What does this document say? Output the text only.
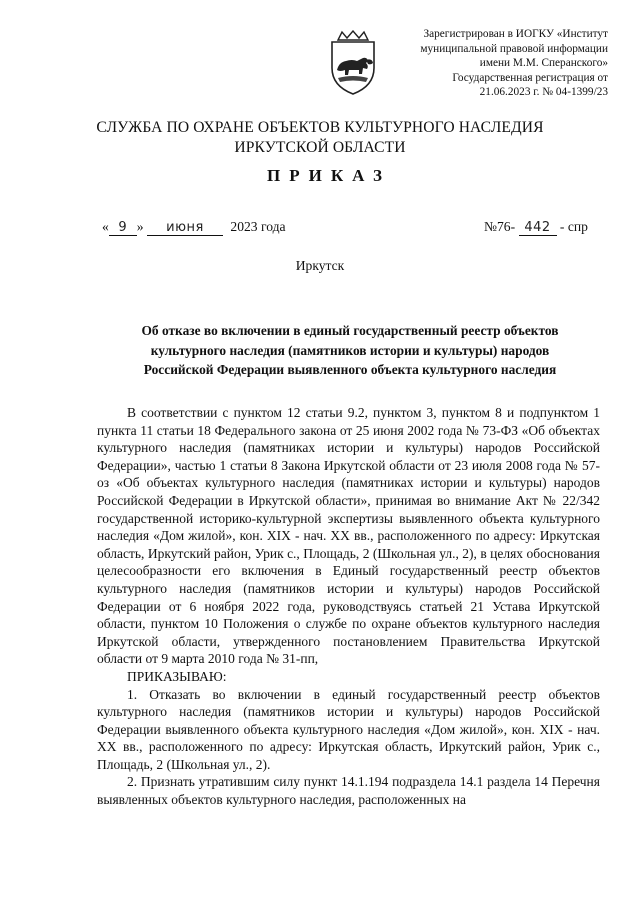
Зарегистрирован в ИОГКУ «Институт
муниципальной правовой информации
имени М.М. Сперанского»
Государственная регистрация от
21.06.2023 г. № 04-1399/23
СЛУЖБА ПО ОХРАНЕ ОБЪЕКТОВ КУЛЬТУРНОГО НАСЛЕДИЯ
ИРКУТСКОЙ ОБЛАСТИ
ПРИКАЗ
« 9 » июня 2023 года	№76- 442 - спр
Иркутск
Об отказе во включении в единый государственный реестр объектов
культурного наследия (памятников истории и культуры) народов
Российской Федерации выявленного объекта культурного наследия

В соответствии с пунктом 12 статьи 9.2, пунктом 3, пунктом 8 и подпунктом 1 пункта 11 статьи 18 Федерального закона от 25 июня 2002 года № 73-ФЗ «Об объектах культурного наследия (памятниках истории и культуры) народов Российской Федерации», частью 1 статьи 8 Закона Иркутской области от 23 июля 2008 года № 57-оз «Об объектах культурного наследия (памятниках истории и культуры) народов Российской Федерации в Иркутской области», принимая во внимание Акт № 22/342 государственной историко-культурной экспертизы выявленного объекта культурного наследия «Дом жилой», кон. XIX - нач. XX вв., расположенного по адресу: Иркутская область, Иркутский район, Урик с., Площадь, 2 (Школьная ул., 2), в целях обоснования целесообразности его включения в Единый государственный реестр объектов культурного наследия (памятников истории и культуры) народов Российской Федерации от 6 ноября 2022 года, руководствуясь статьей 21 Устава Иркутской области, пунктом 10 Положения о службе по охране объектов культурного наследия Иркутской области, утвержденного постановлением Правительства Иркутской области от 9 марта 2010 года № 31-пп,

ПРИКАЗЫВАЮ:

1. Отказать во включении в единый государственный реестр объектов культурного наследия (памятников истории и культуры) народов Российской Федерации выявленного объекта культурного наследия «Дом жилой», кон. XIX - нач. XX вв., расположенного по адресу: Иркутская область, Иркутский район, Урик с., Площадь, 2 (Школьная ул., 2).

2. Признать утратившим силу пункт 14.1.194 подраздела 14.1 раздела 14 Перечня выявленных объектов культурного наследия, расположенных на
